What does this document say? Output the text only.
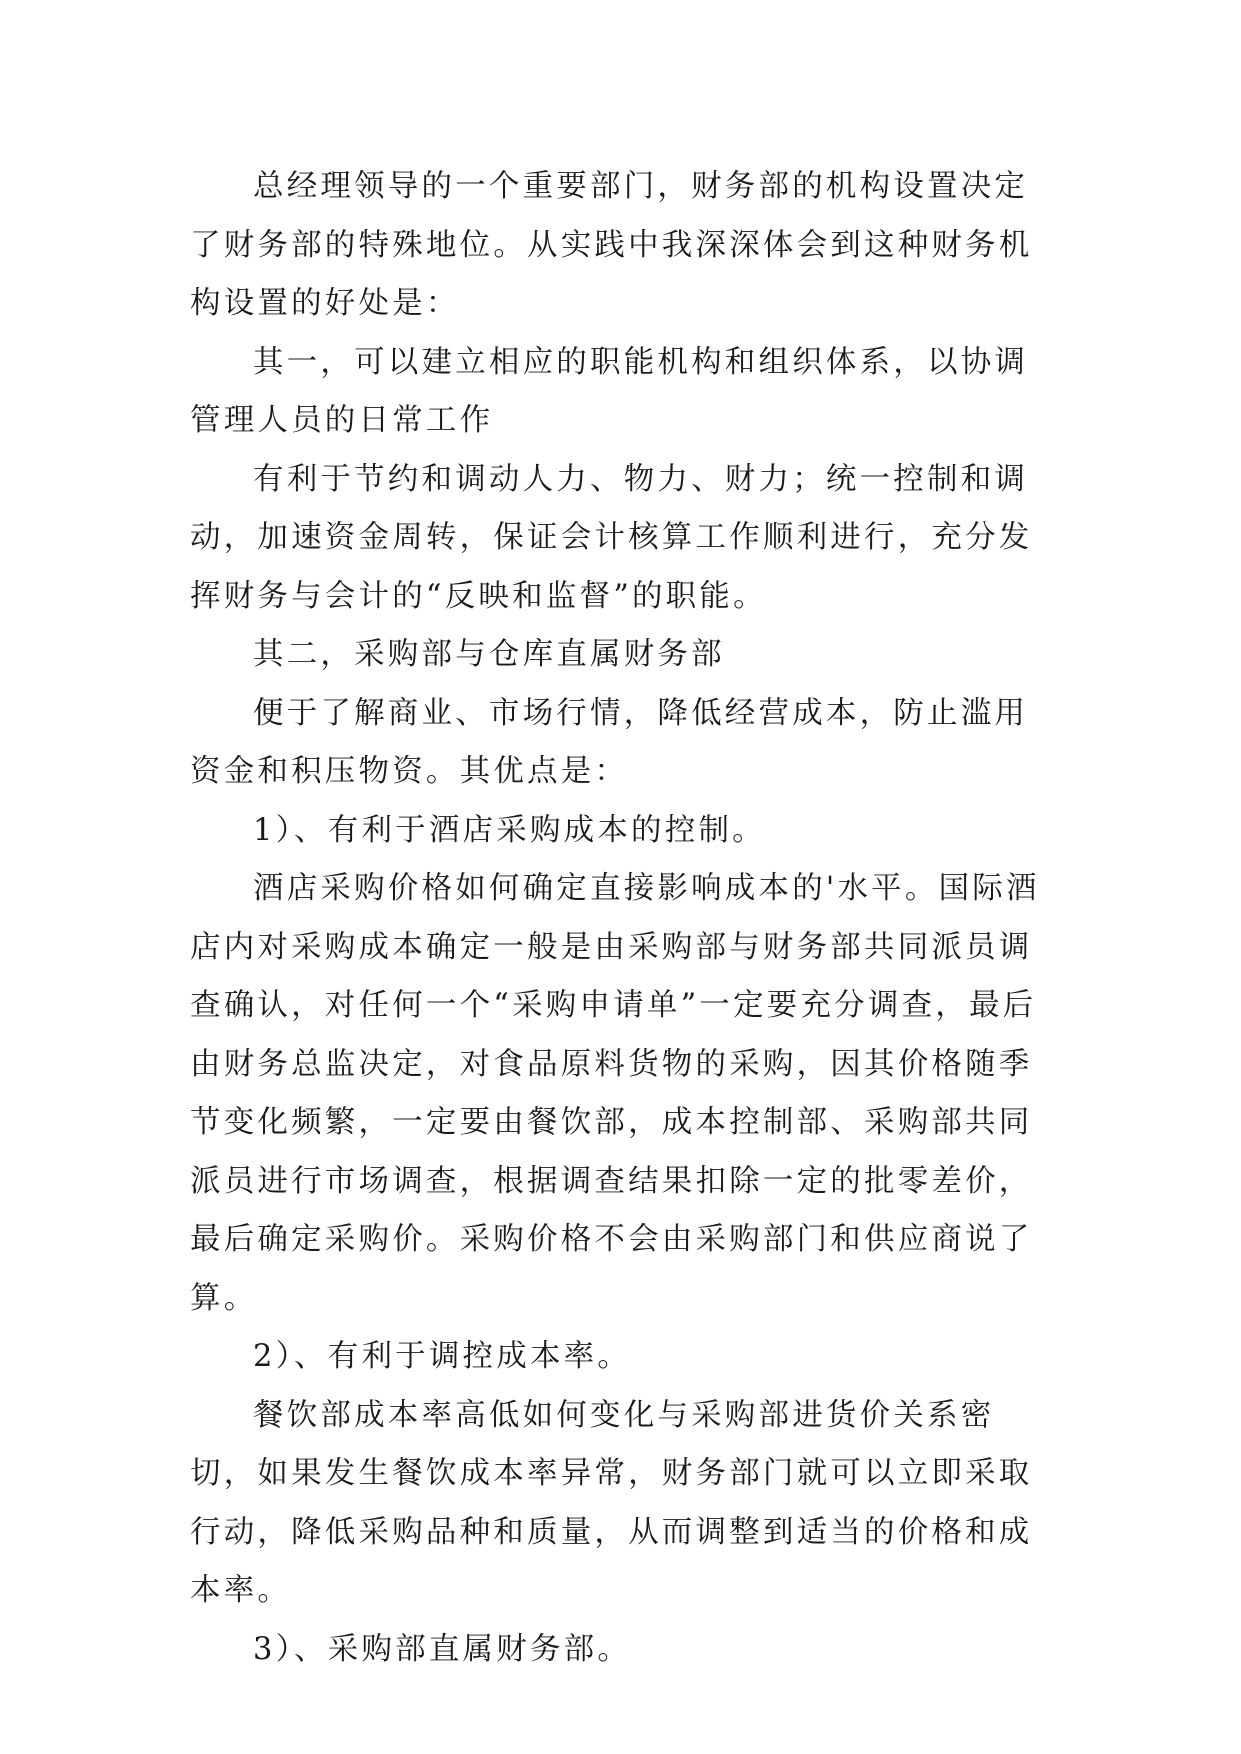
总经理领导的一个重要部门，财务部的机构设置决定了财务部的特殊地位。从实践中我深深体会到这种财务机构设置的好处是：

其一，可以建立相应的职能机构和组织体系，以协调管理人员的日常工作

有利于节约和调动人力、物力、财力；统一控制和调动，加速资金周转，保证会计核算工作顺利进行，充分发挥财务与会计的“反映和监督”的职能。

其二，采购部与仓库直属财务部

便于了解商业、市场行情，降低经营成本，防止滥用资金和积压物资。其优点是：

1）、有利于酒店采购成本的控制。

酒店采购价格如何确定直接影响成本的'水平。国际酒店内对采购成本确定一般是由采购部与财务部共同派员调查确认，对任何一个“采购申请单”一定要充分调查，最后由财务总监决定，对食品原料货物的采购，因其价格随季节变化频繁，一定要由餐饮部，成本控制部、采购部共同派员进行市场调查，根据调查结果扣除一定的批零差价，最后确定采购价。采购价格不会由采购部门和供应商说了算。

2）、有利于调控成本率。

餐饮部成本率高低如何变化与采购部进货价关系密切，如果发生餐饮成本率异常，财务部门就可以立即采取行动，降低采购品种和质量，从而调整到适当的价格和成本率。

3）、采购部直属财务部。
